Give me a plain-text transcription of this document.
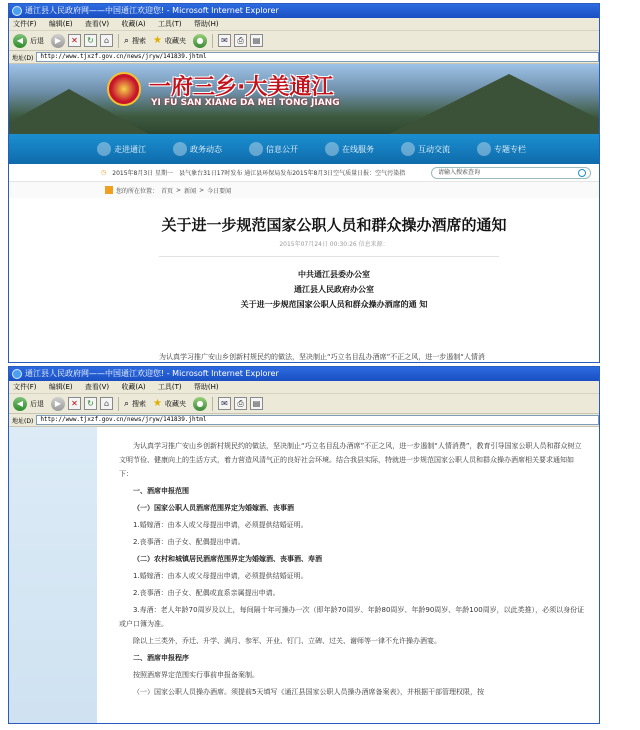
通江县人民政府网——中国通江欢迎您! - Microsoft Internet Explorer
文件(F) 编辑(E) 查看(V) 收藏(A) 工具(T) 帮助(H)
◀ 后退	▶	✕	↻	⌂	⌕ 搜索 ★ 收藏夹	●	✉	⎙	▤
地址(D)	http://www.tjxzf.gov.cn/news/jryw/141839.jhtml
一府三乡·大美通江
YI FU SAN XIANG DA MEI TONG JIANG
走进通江	政务动态	信息公开	在线服务	互动交流	专题专栏
◷ 2015年8月3日 星期一 县气象台31日17时发布 通江县环保局发布2015年8月3日空气质量日报：空气污染指	请输入搜索查询
您的所在位置： 首页 > 新闻 > 今日要闻
关于进一步规范国家公职人员和群众操办酒席的通知
2015年07月24日 00:30:26 信息来源：
中共通江县委办公室
通江县人民政府办公室
关于进一步规范国家公职人员和群众操办酒席的通 知
为认真学习推广安山乡创新村规民约的做法，坚决制止“巧立名目乱办酒席”不正之风，进一步遏制“人情消
通江县人民政府网——中国通江欢迎您! - Microsoft Internet Explorer
文件(F) 编辑(E) 查看(V) 收藏(A) 工具(T) 帮助(H)
◀ 后退	▶	✕	↻	⌂	⌕ 搜索 ★ 收藏夹	●	✉	⎙	▤
地址(D)	http://www.tjxzf.gov.cn/news/jryw/141839.jhtml

为认真学习推广安山乡创新村规民约的做法，坚决制止“巧立名目乱办酒席”不正之风，进一步遏制“人情消费”，教育引导国家公职人员和群众树立文明节俭、健康向上的生活方式，着力营造风清气正的良好社会环境。结合我县实际，特就进一步规范国家公职人员和群众操办酒席相关要求通知如下：

一、酒席申报范围

（一）国家公职人员酒席范围界定为婚嫁酒、丧事酒

1.婚嫁酒：由本人或父母提出申请，必须提供结婚证明。

2.丧事酒：由子女、配偶提出申请。

（二）农村和城镇居民酒席范围界定为婚嫁酒、丧事酒、寿酒

1.婚嫁酒：由本人或父母提出申请，必须提供结婚证明。

2.丧事酒：由子女、配偶或直系亲属提出申请。

3.寿酒：老人年龄70周岁及以上，每间隔十年可操办一次（即年龄70周岁、年龄80周岁、年龄90周岁、年龄100周岁，以此类推），必须以身份证或户口簿为准。

除以上三类外，乔迁、升学、满月、参军、开业、钉门、立碑、过关、谢师等一律不允许操办酒宴。

二、酒席申报程序

按照酒席界定范围实行事前申报备案制。

（一）国家公职人员操办酒席。须提前5天填写《通江县国家公职人员操办酒席备案表》，并根据干部管理权限，按
